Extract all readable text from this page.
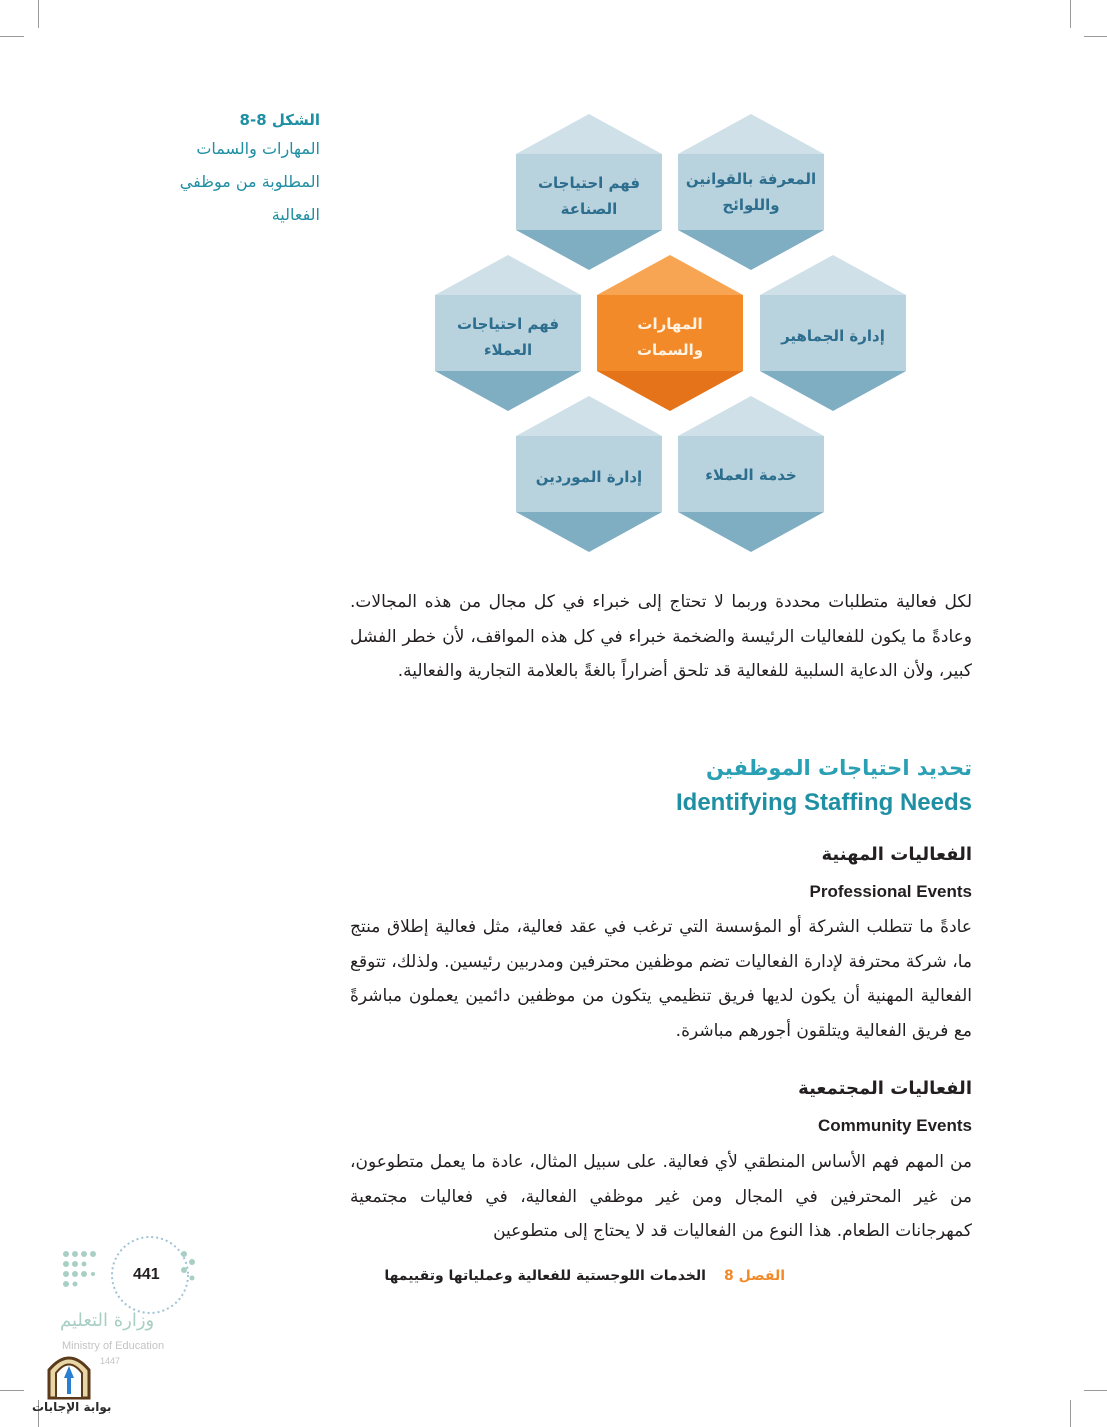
الشكل 8-8
المهارات والسمات
المطلوبة من موظفي
الفعالية
فهم احتياجات
الصناعة
المعرفة بالقوانين
واللوائح
فهم احتياجات
العملاء
المهارات
والسمات
إدارة الجماهير
إدارة الموردين	خدمة العملاء

لكل فعالية متطلبات محددة وربما لا تحتاج إلى خبراء في كل مجال من هذه المجالات. وعادةً ما يكون للفعاليات الرئيسة والضخمة خبراء في كل هذه المواقف، لأن خطر الفشل كبير، ولأن الدعاية السلبية للفعالية قد تلحق أضراراً بالغةً بالعلامة التجارية والفعالية.

تحديد احتياجات الموظفين
Identifying Staffing Needs
الفعاليات المهنية
Professional Events

عادةً ما تتطلب الشركة أو المؤسسة التي ترغب في عقد فعالية، مثل فعالية إطلاق منتج ما، شركة محترفة لإدارة الفعاليات تضم موظفين محترفين ومدربين رئيسين. ولذلك، تتوقع الفعالية المهنية أن يكون لديها فريق تنظيمي يتكون من موظفين دائمين يعملون مباشرةً مع فريق الفعالية ويتلقون أجورهم مباشرة.

الفعاليات المجتمعية
Community Events

من المهم فهم الأساس المنطقي لأي فعالية. على سبيل المثال، عادة ما يعمل متطوعون، من غير المحترفين في المجال ومن غير موظفي الفعالية، في فعاليات مجتمعية كمهرجانات الطعام. هذا النوع من الفعاليات قد لا يحتاج إلى متطوعين

الفصل 8
الخدمات اللوجستية للفعالية وعملياتها وتقييمها
441
وزارة التعليم
Ministry of Education
1447
بوابة الإجابات
